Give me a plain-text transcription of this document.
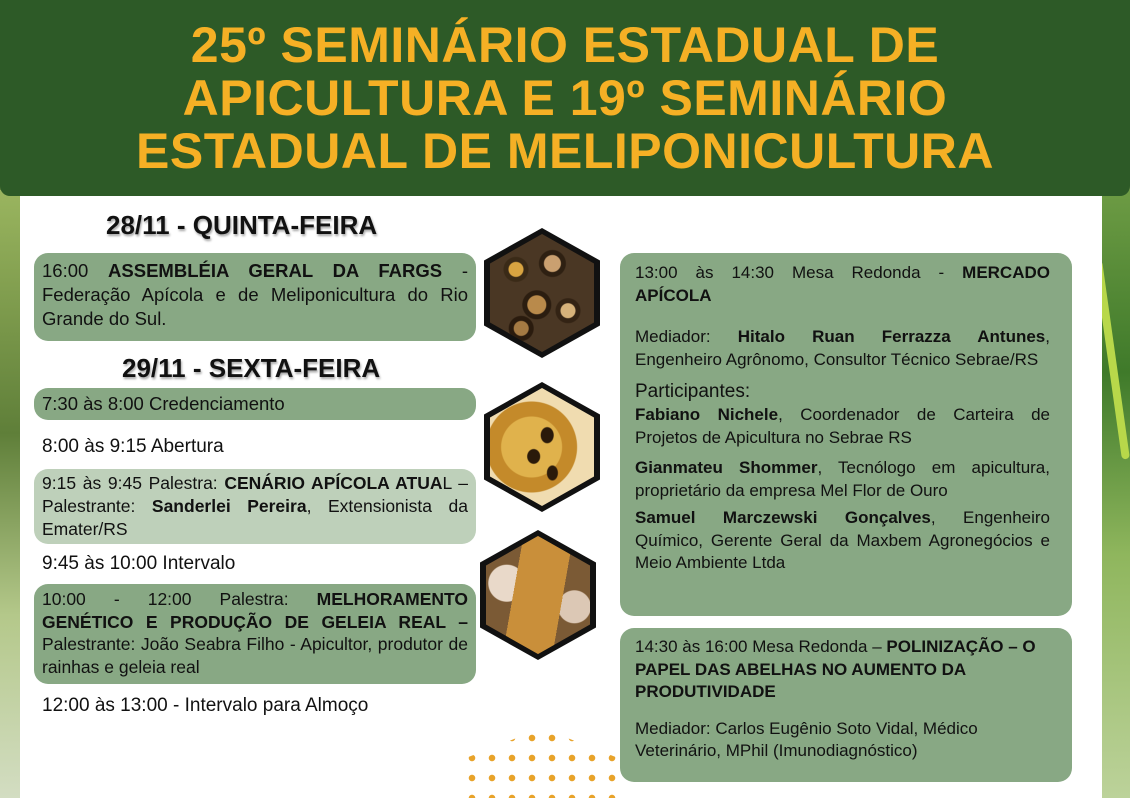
25º SEMINÁRIO ESTADUAL DE
APICULTURA E 19º SEMINÁRIO
ESTADUAL DE MELIPONICULTURA
28/11 - QUINTA-FEIRA

16:00 ASSEMBLÉIA GERAL DA FARGS - Federação Apícola e de Meliponicultura do Rio Grande do Sul.

29/11 - SEXTA-FEIRA
7:30 às 8:00 Credenciamento
8:00 às 9:15 Abertura

9:15 às 9:45 Palestra: CENÁRIO APÍCOLA ATUAL – Palestrante: Sanderlei Pereira, Extensionista da Emater/RS

9:45 às 10:00 Intervalo

10:00 - 12:00 Palestra: MELHORAMENTO GENÉTICO E PRODUÇÃO DE GELEIA REAL – Palestrante: João Seabra Filho - Apicultor, produtor de rainhas e geleia real

12:00 às 13:00 - Intervalo para Almoço

13:00 às 14:30 Mesa Redonda - MERCADO APÍCOLA

Mediador: Hitalo Ruan Ferrazza Antunes, Engenheiro Agrônomo, Consultor Técnico Sebrae/RS

Participantes:

Fabiano Nichele, Coordenador de Carteira de Projetos de Apicultura no Sebrae RS

Gianmateu Shommer, Tecnólogo em apicultura, proprietário da empresa Mel Flor de Ouro

Samuel Marczewski Gonçalves, Engenheiro Químico, Gerente Geral da Maxbem Agronegócios e Meio Ambiente Ltda

14:30 às 16:00 Mesa Redonda – POLINIZAÇÃO – O PAPEL DAS ABELHAS NO AUMENTO DA PRODUTIVIDADE

Mediador: Carlos Eugênio Soto Vidal, Médico Veterinário, MPhil (Imunodiagnóstico)
